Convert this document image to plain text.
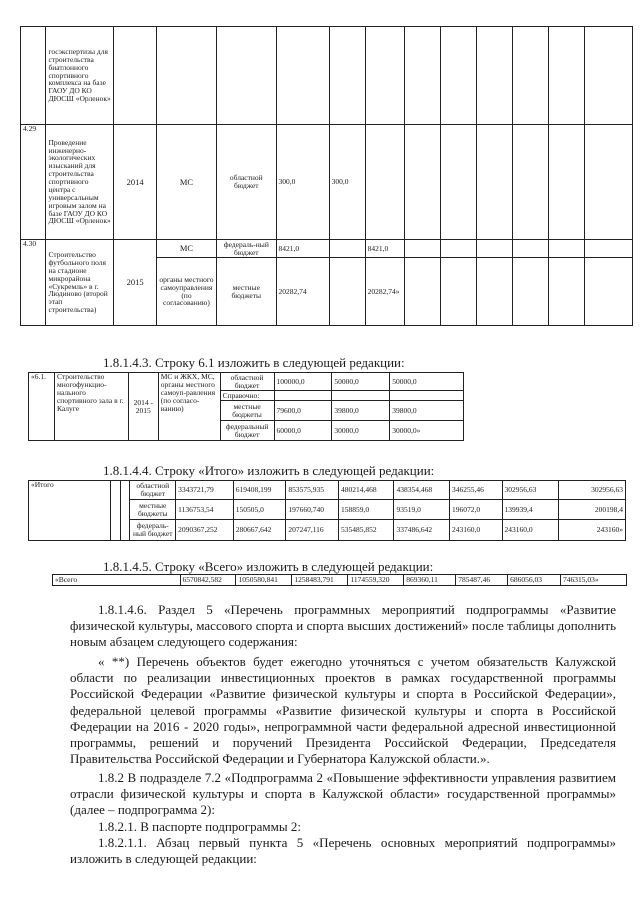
	госэкспертизы для строительства биатлонного спортивного комплекса на базе ГАОУ ДО КО ДЮСШ «Орленок»												
4.29	Проведение инженерно-экологических изысканий для строительства спортивного центра с универсальным игровым залом на базе ГАОУ ДО КО ДЮСШ «Орленок»	2014	МС	областной бюджет	300,0	300,0							
4.30	Строительство футбольного поля на стадионе микрорайона «Сукремль» в г. Людиново (второй этап строительства)	2015	МС	федераль-ный бюджет	8421,0		8421,0						
			органы местного самоуправления (по согласованию)	местные бюджеты	20282,74		20282,74»						
1.8.1.4.3. Строку 6.1 изложить в следующей редакции:
«6.1.	Строительство многофункцио-нального спортивного зала в г. Калуге	2014 - 2015	МС и ЖКХ, МС, органы местного самоуп-равления (по согласо-ванию)	областной бюджет	100000,0	50000,0	50000,0
				Справочно:			
				местные бюджеты	79600,0	39800,0	39800,0
				федеральный бюджет	60000,0	30000,0	30000,0»
1.8.1.4.4. Строку «Итого» изложить в следующей редакции:
«Итого				областной бюджет	3343721,79	619408,199	853575,935	480214,468	438354,468	346255,46	302956,63	302956,63
				местные бюджеты	1136753,54	150505,0	197660,740	158859,0	93519,0	196072,0	139939,4	200198,4
				федераль-ный бюджет	2090367,252	280667,642	207247,116	535485,852	337486,642	243160,0	243160,0	243160»
1.8.1.4.5. Строку «Всего» изложить в следующей редакции:
«Всего	6570842,582	1050580,841	1258483,791	1174559,320	869360,11	785487,46	686056,03	746315,03»

1.8.1.4.6. Раздел 5 «Перечень программных мероприятий подпрограммы «Развитие физической культуры, массового спорта и спорта высших достижений» после таблицы дополнить новым абзацем следующего содержания:

« **) Перечень объектов будет ежегодно уточняться с учетом обязательств Калужской области по реализации инвестиционных проектов в рамках государственной программы Российской Федерации «Развитие физической культуры и спорта в Российской Федерации», федеральной целевой программы «Развитие физической культуры и спорта в Российской Федерации на 2016 - 2020 годы», непрограммной части федеральной адресной инвестиционной программы, решений и поручений Президента Российской Федерации, Председателя Правительства Российской Федерации и Губернатора Калужской области.».

1.8.2 В подразделе 7.2 «Подпрограмма 2 «Повышение эффективности управления развитием отрасли физической культуры и спорта в Калужской области» государственной программы» (далее – подпрограмма 2):

1.8.2.1. В паспорте подпрограммы 2:

1.8.2.1.1. Абзац первый пункта 5 «Перечень основных мероприятий подпрограммы» изложить в следующей редакции:
